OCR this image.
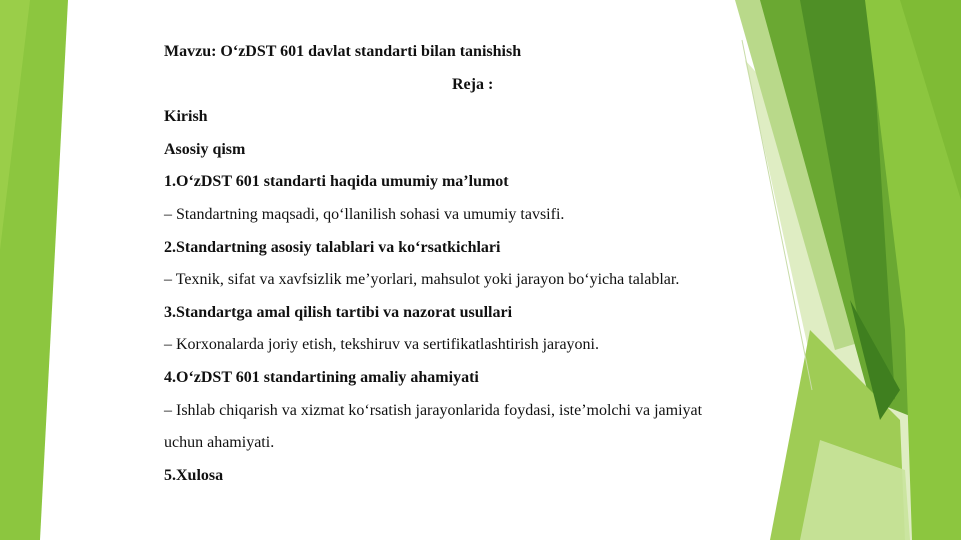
Mavzu: O‘zDST 601 davlat standarti bilan tanishish
Reja :
Kirish
Asosiy qism
1.O‘zDST 601 standarti haqida umumiy ma’lumot
– Standartning maqsadi, qo‘llanilish sohasi va umumiy tavsifi.
2.Standartning asosiy talablari va ko‘rsatkichlari
– Texnik, sifat va xavfsizlik me’yorlari, mahsulot yoki jarayon bo‘yicha talablar.
3.Standartga amal qilish tartibi va nazorat usullari
– Korxonalarda joriy etish, tekshiruv va sertifikatlashtirish jarayoni.
4.O‘zDST 601 standartining amaliy ahamiyati
– Ishlab chiqarish va xizmat ko‘rsatish jarayonlarida foydasi, iste’molchi va jamiyat
uchun ahamiyati.
5.Xulosa
